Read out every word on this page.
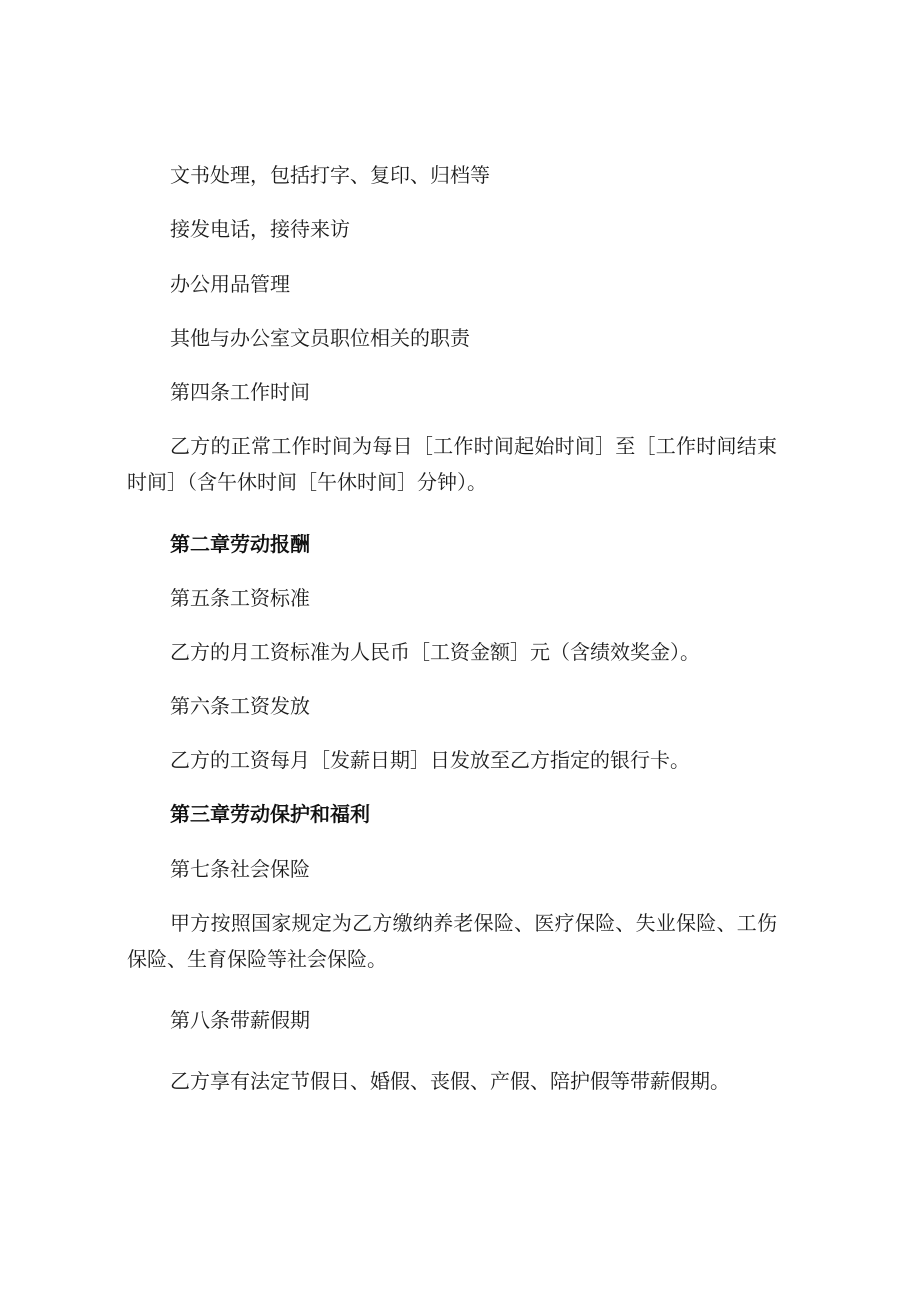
文书处理，包括打字、复印、归档等

接发电话，接待来访

办公用品管理

其他与办公室文员职位相关的职责

第四条工作时间

乙方的正常工作时间为每日［工作时间起始时间］至［工作时间结束时间］（含午休时间［午休时间］分钟）。

第二章劳动报酬

第五条工资标准

乙方的月工资标准为人民币［工资金额］元（含绩效奖金）。

第六条工资发放

乙方的工资每月［发薪日期］日发放至乙方指定的银行卡。

第三章劳动保护和福利

第七条社会保险

甲方按照国家规定为乙方缴纳养老保险、医疗保险、失业保险、工伤保险、生育保险等社会保险。

第八条带薪假期

乙方享有法定节假日、婚假、丧假、产假、陪护假等带薪假期。
